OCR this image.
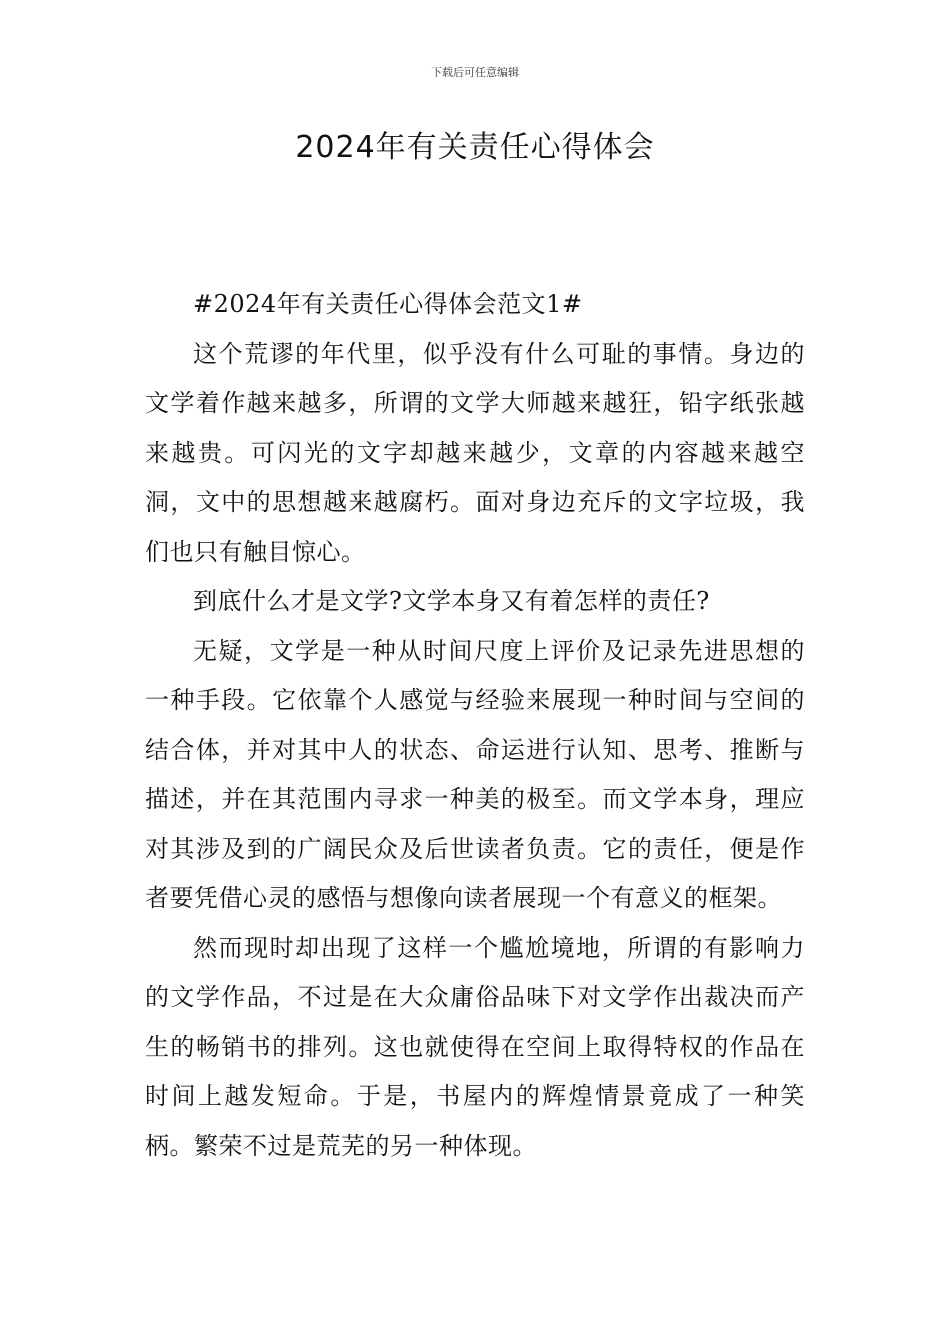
下载后可任意编辑
2024年有关责任心得体会

#2024年有关责任心得体会范文1#

这个荒谬的年代里，似乎没有什么可耻的事情。身边的文学着作越来越多，所谓的文学大师越来越狂，铅字纸张越来越贵。可闪光的文字却越来越少，文章的内容越来越空洞，文中的思想越来越腐朽。面对身边充斥的文字垃圾，我们也只有触目惊心。

到底什么才是文学?文学本身又有着怎样的责任?

无疑，文学是一种从时间尺度上评价及记录先进思想的一种手段。它依靠个人感觉与经验来展现一种时间与空间的结合体，并对其中人的状态、命运进行认知、思考、推断与描述，并在其范围内寻求一种美的极至。而文学本身，理应对其涉及到的广阔民众及后世读者负责。它的责任，便是作者要凭借心灵的感悟与想像向读者展现一个有意义的框架。

然而现时却出现了这样一个尴尬境地，所谓的有影响力的文学作品，不过是在大众庸俗品味下对文学作出裁决而产生的畅销书的排列。这也就使得在空间上取得特权的作品在时间上越发短命。于是，书屋内的辉煌情景竟成了一种笑柄。繁荣不过是荒芜的另一种体现。
